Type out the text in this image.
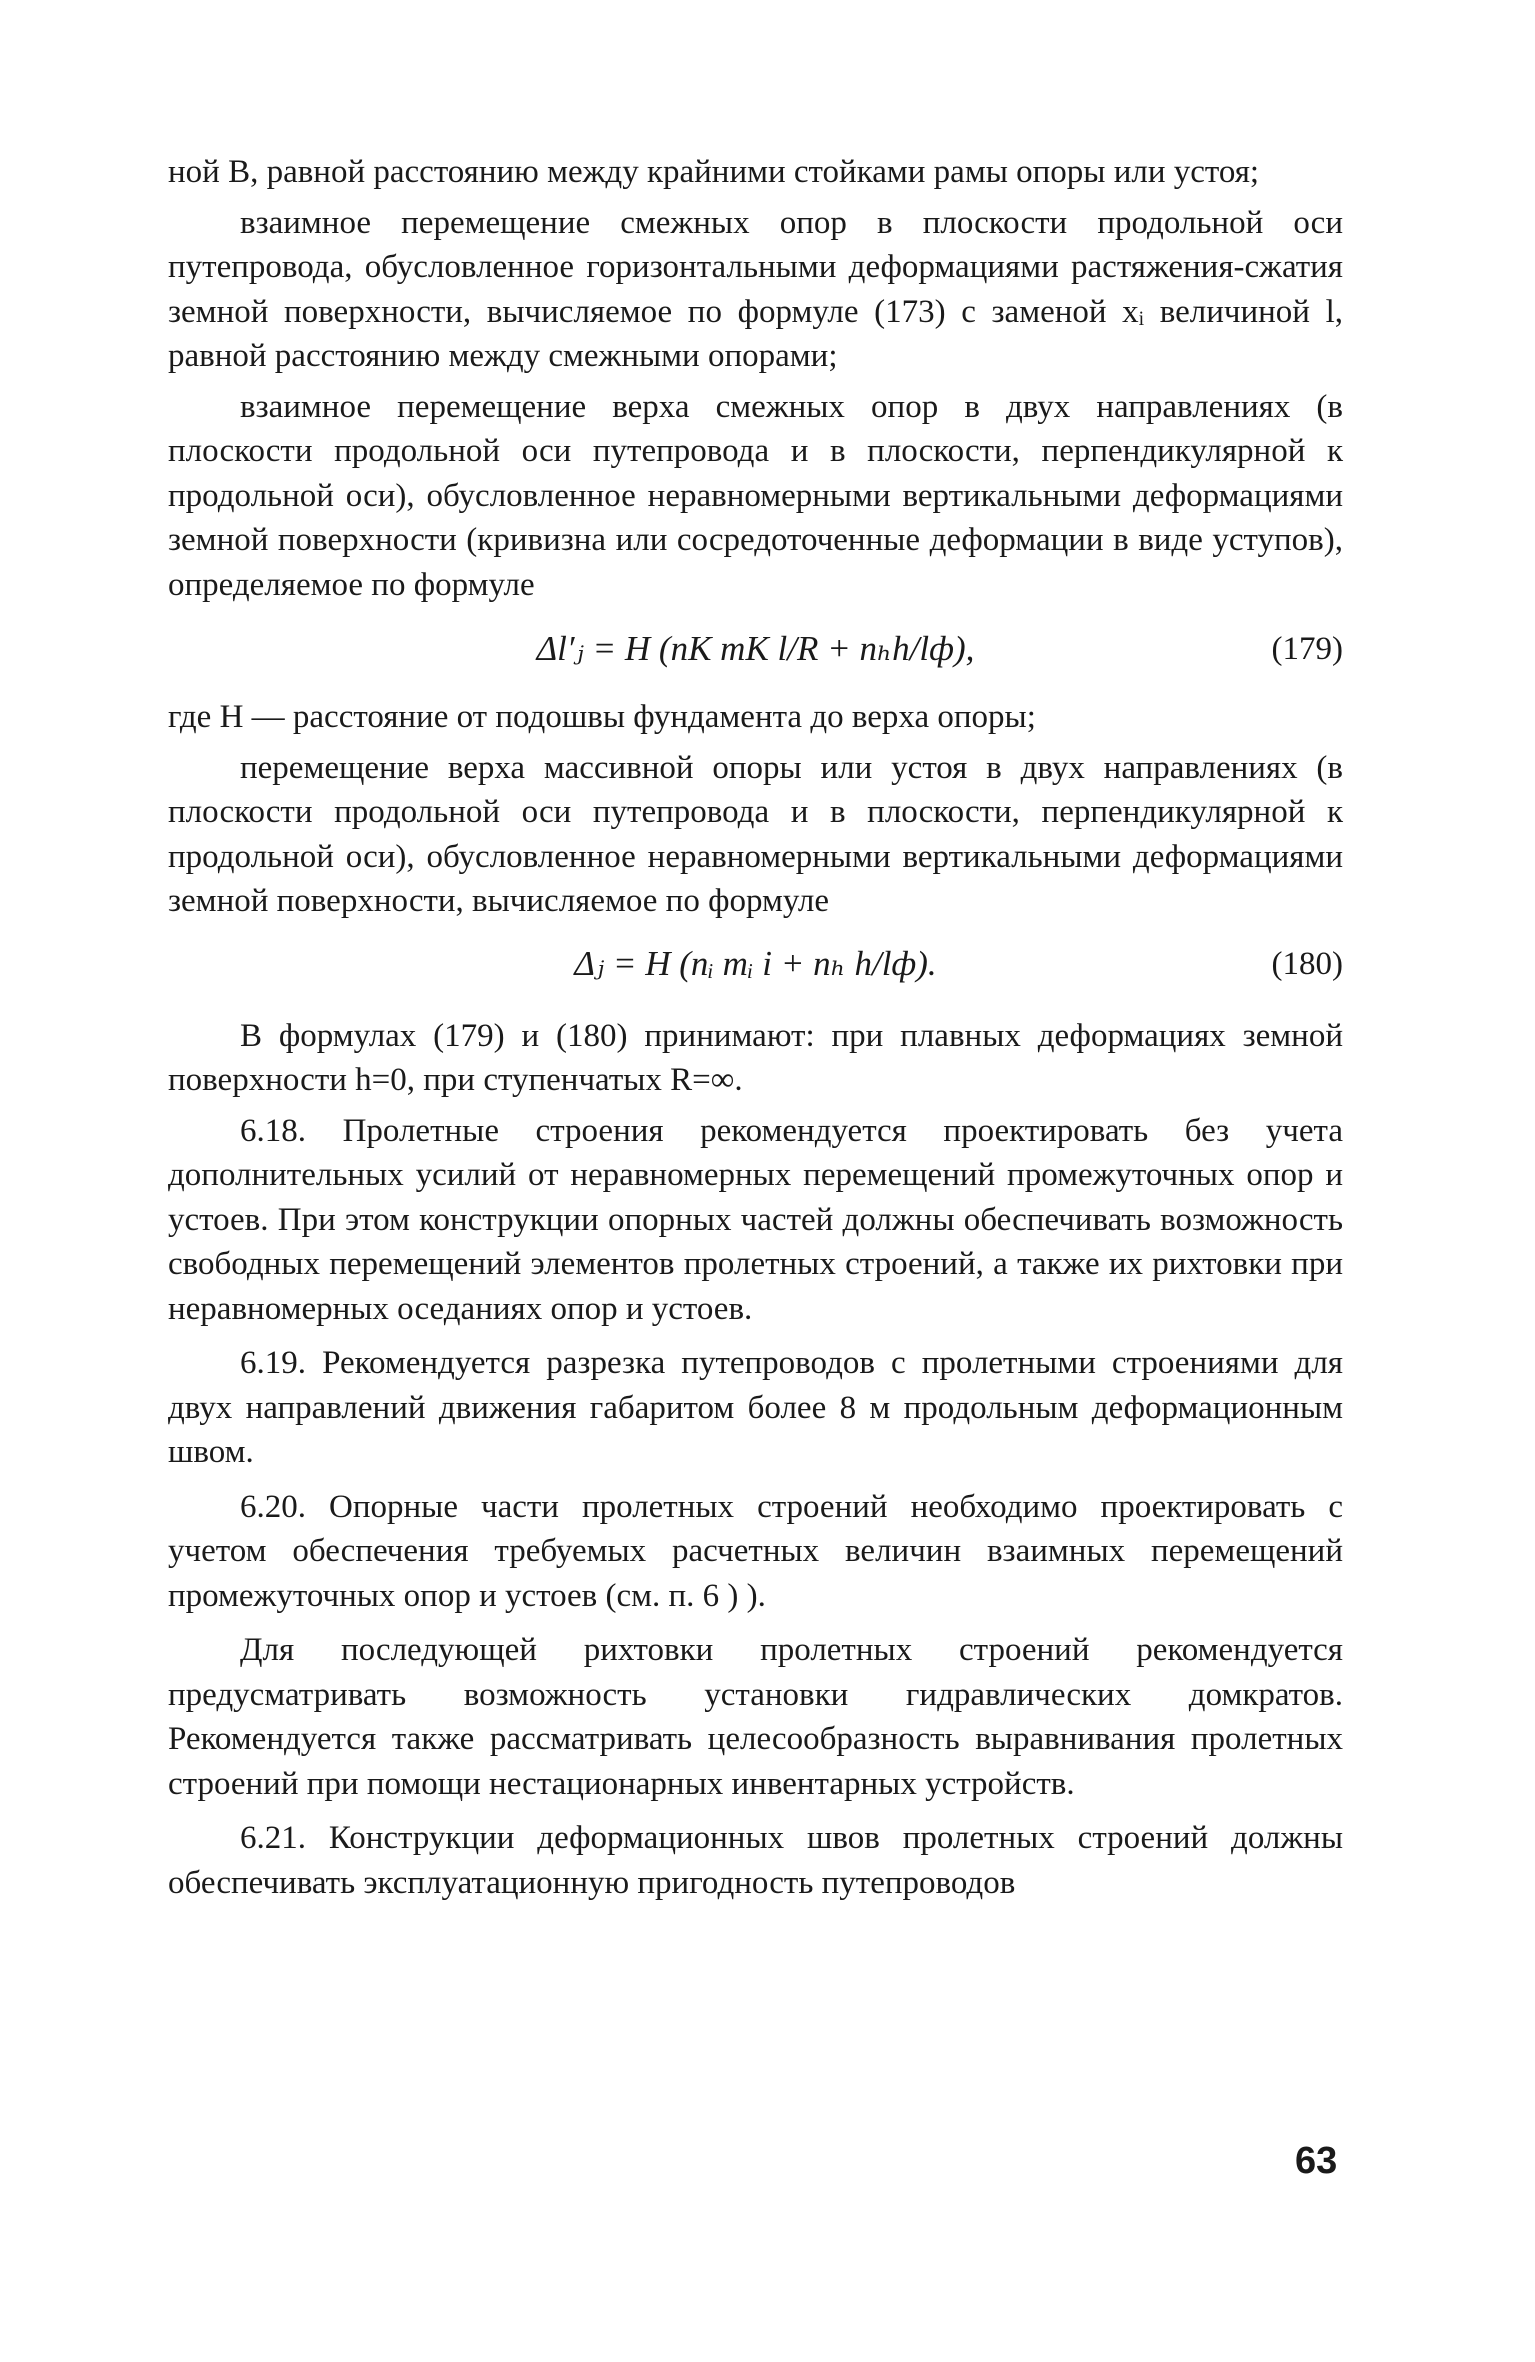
ной B, равной расстоянию между крайними стойками рамы опоры или устоя;

взаимное перемещение смежных опор в плоскости продольной оси путепровода, обусловленное горизонтальными деформациями растяжения-сжатия земной поверхности, вычисляемое по формуле (173) с заменой xᵢ величиной l, равной расстоянию между смежными опорами;

взаимное перемещение верха смежных опор в двух направлениях (в плоскости продольной оси путепровода и в плоскости, перпендикулярной к продольной оси), обусловленное неравномерными вертикальными деформациями земной поверхности (кривизна или сосредоточенные деформации в виде уступов), определяемое по формуле

Δl′ⱼ = H (nK mK l/R + nₕh/lф),	(179)

где H — расстояние от подошвы фундамента до верха опоры;

перемещение верха массивной опоры или устоя в двух направлениях (в плоскости продольной оси путепровода и в плоскости, перпендикулярной к продольной оси), обусловленное неравномерными вертикальными деформациями земной поверхности, вычисляемое по формуле

Δⱼ = H (nᵢ mᵢ i + nₕ h/lф).	(180)

В формулах (179) и (180) принимают: при плавных деформациях земной поверхности h=0, при ступенчатых R=∞.

6.18. Пролетные строения рекомендуется проектировать без учета дополнительных усилий от неравномерных перемещений промежуточных опор и устоев. При этом конструкции опорных частей должны обеспечивать возможность свободных перемещений элементов пролетных строений, а также их рихтовки при неравномерных оседаниях опор и устоев.

6.19. Рекомендуется разрезка путепроводов с пролетными строениями для двух направлений движения габаритом более 8 м продольным деформационным швом.

6.20. Опорные части пролетных строений необходимо проектировать с учетом обеспечения требуемых расчетных величин взаимных перемещений промежуточных опор и устоев (см. п. 6 ) ).

Для последующей рихтовки пролетных строений рекомендуется предусматривать возможность установки гидравлических домкратов. Рекомендуется также рассматривать целесообразность выравнивания пролетных строений при помощи нестационарных инвентарных устройств.

6.21. Конструкции деформационных швов пролетных строений должны обеспечивать эксплуатационную пригодность путепроводов

63
